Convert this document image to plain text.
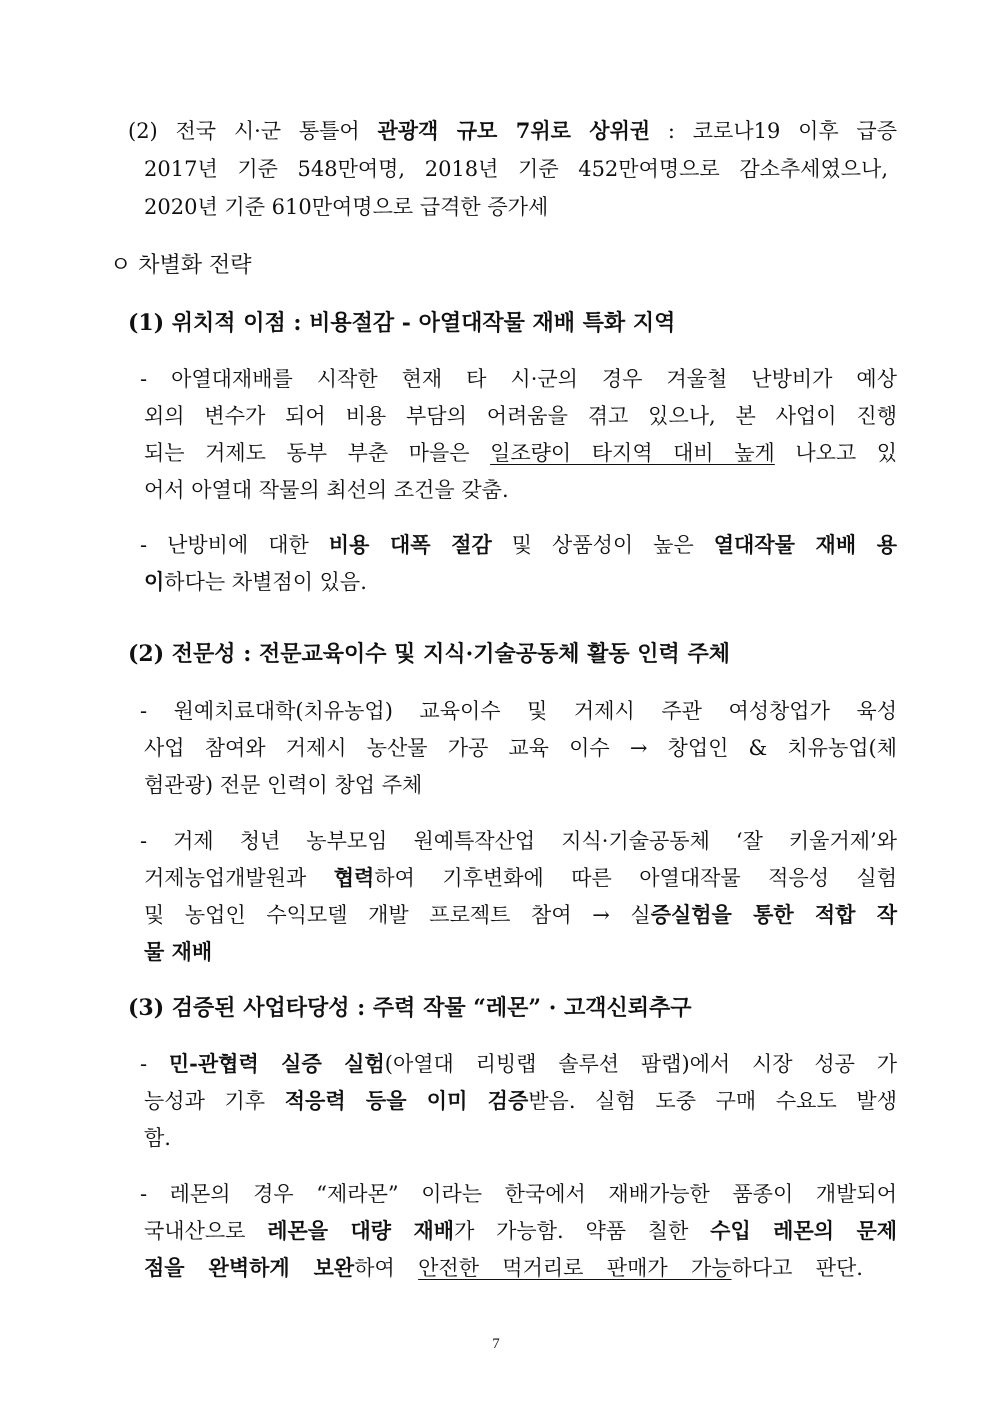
(2) 전국 시·군 통틀어 관광객 규모 7위로 상위권 : 코로나19 이후 급증
2017년 기준 548만여명, 2018년 기준 452만여명으로 감소추세였으나,
2020년 기준 610만여명으로 급격한 증가세
ㅇ 차별화 전략
(1) 위치적 이점 : 비용절감 - 아열대작물 재배 특화 지역
- 아열대재배를 시작한 현재 타 시·군의 경우 겨울철 난방비가 예상
외의 변수가 되어 비용 부담의 어려움을 겪고 있으나, 본 사업이 진행
되는 거제도 동부 부춘 마을은 일조량이 타지역 대비 높게 나오고 있
어서 아열대 작물의 최선의 조건을 갖춤.
- 난방비에 대한 비용 대폭 절감 및 상품성이 높은 열대작물 재배 용
이하다는 차별점이 있음.
(2) 전문성 : 전문교육이수 및 지식·기술공동체 활동 인력 주체
- 원예치료대학(치유농업) 교육이수 및 거제시 주관 여성창업가 육성
사업 참여와 거제시 농산물 가공 교육 이수 → 창업인 & 치유농업(체
험관광) 전문 인력이 창업 주체
- 거제 청년 농부모임 원예특작산업 지식·기술공동체 ‘잘 키울거제’와
거제농업개발원과 협력하여 기후변화에 따른 아열대작물 적응성 실험
및 농업인 수익모델 개발 프로젝트 참여 → 실증실험을 통한 적합 작
물 재배
(3) 검증된 사업타당성 : 주력 작물 “레몬” · 고객신뢰추구
- 민-관협력 실증 실험(아열대 리빙랩 솔루션 팜랩)에서 시장 성공 가
능성과 기후 적응력 등을 이미 검증받음. 실험 도중 구매 수요도 발생
함.
- 레몬의 경우 “제라몬” 이라는 한국에서 재배가능한 품종이 개발되어
국내산으로 레몬을 대량 재배가 가능함. 약품 칠한 수입 레몬의 문제
점을 완벽하게 보완하여 안전한 먹거리로 판매가 가능하다고 판단.
7
